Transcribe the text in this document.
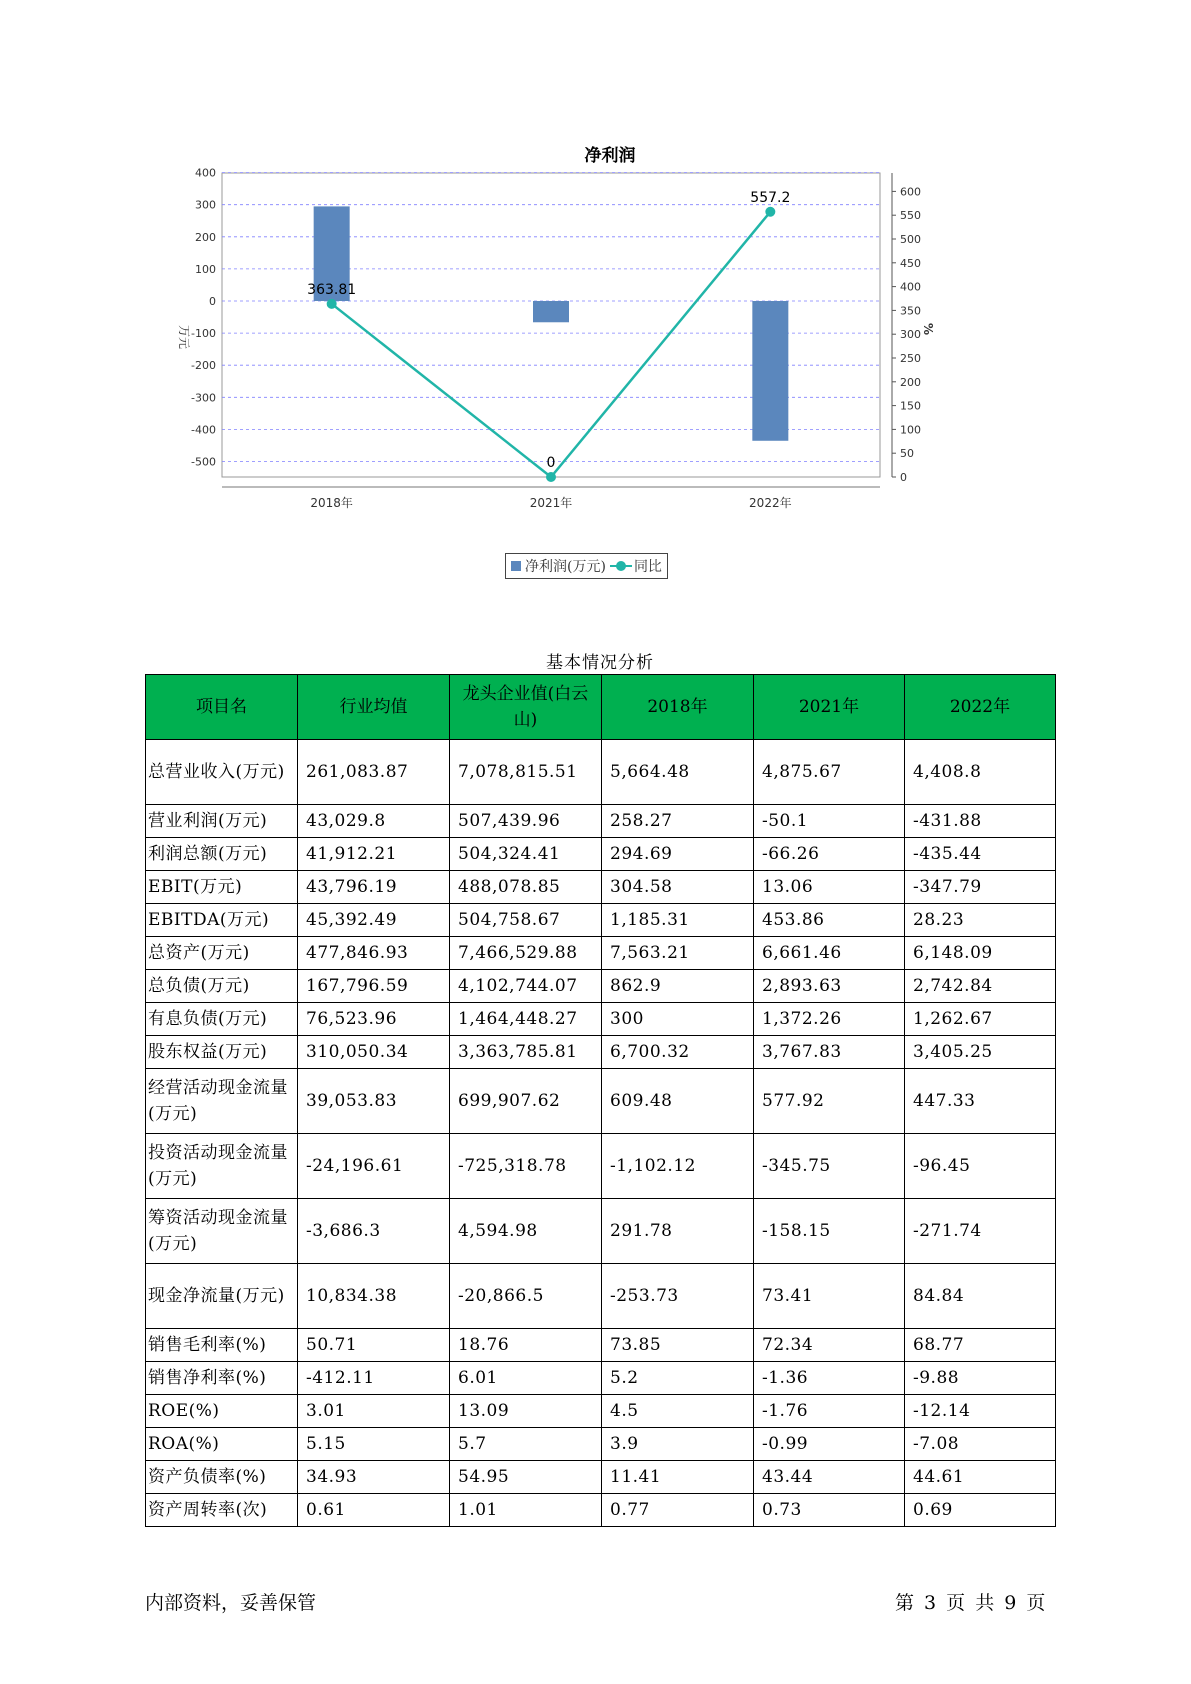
净利润
400
300
200
100
0
-100
-200
-300
-400
-500
600
550
500
450
400
350
300
250
200
150
100
50
0
万元	%
2018年	2021年	2022年
363.81
0
557.2
净利润(万元) 同比
基本情况分析
项目名	行业均值	龙头企业值(白云山)	2018年	2021年	2022年
总营业收入(万元)	261,083.87	7,078,815.51	5,664.48	4,875.67	4,408.8
营业利润(万元)	43,029.8	507,439.96	258.27	-50.1	-431.88
利润总额(万元)	41,912.21	504,324.41	294.69	-66.26	-435.44
EBIT(万元)	43,796.19	488,078.85	304.58	13.06	-347.79
EBITDA(万元)	45,392.49	504,758.67	1,185.31	453.86	28.23
总资产(万元)	477,846.93	7,466,529.88	7,563.21	6,661.46	6,148.09
总负债(万元)	167,796.59	4,102,744.07	862.9	2,893.63	2,742.84
有息负债(万元)	76,523.96	1,464,448.27	300	1,372.26	1,262.67
股东权益(万元)	310,050.34	3,363,785.81	6,700.32	3,767.83	3,405.25
经营活动现金流量(万元)	39,053.83	699,907.62	609.48	577.92	447.33
投资活动现金流量(万元)	-24,196.61	-725,318.78	-1,102.12	-345.75	-96.45
筹资活动现金流量(万元)	-3,686.3	4,594.98	291.78	-158.15	-271.74
现金净流量(万元)	10,834.38	-20,866.5	-253.73	73.41	84.84
销售毛利率(%)	50.71	18.76	73.85	72.34	68.77
销售净利率(%)	-412.11	6.01	5.2	-1.36	-9.88
ROE(%)	3.01	13.09	4.5	-1.76	-12.14
ROA(%)	5.15	5.7	3.9	-0.99	-7.08
资产负债率(%)	34.93	54.95	11.41	43.44	44.61
资产周转率(次)	0.61	1.01	0.77	0.73	0.69
内部资料，妥善保管	第 3 页 共 9 页
